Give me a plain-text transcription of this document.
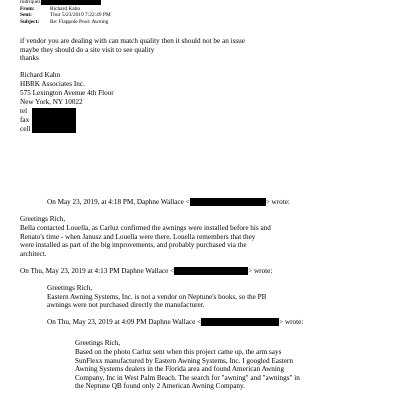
rodriquez
From:	Richard Kahn
Sent:	Thur 5/23/2019 7:22:49 PM
Subject: Re: Flappole Pool: Awning
if vendor you are dealing with can match quality then it should not be an issue
maybe they should do a site visit to see quality
thanks
Richard Kahn
HBRK Associates Inc.
575 Lexington Avenue 4th Floor
New York, NY 10022
tel
fax
cell
On May 23, 2019, at 4:18 PM, Daphne Wallace <	> wrote:
Greetings Rich,
Bella contacted Louella, as Carluz confirmed the awnings were installed before his and
Renato's time - when Janusz and Louella were there. Louella remembers that they
were installed as part of the big improvements, and probably purchased via the
architect.
On Thu, May 23, 2019 at 4:13 PM Daphne Wallace <	> wrote:
Greetings Rich,
Eastern Awning Systems, Inc. is not a vendor on Neptune's books, so the PB
awnings were not purchased directly the manufacturer.
On Thu, May 23, 2019 at 4:09 PM Daphne Wallace <	> wrote:
Greetings Rich,
Based on the photo Carluz sent when this project came up, the arm says
SunFlexx manufactured by Eastern Awning Systems, Inc. I googled Eastern
Awning Systems dealers in the Florida area and found American Awning
Company, Inc in West Palm Beach. The search for "awning" and "awnings" in
the Neptune QB found only 2 American Awning Company.
